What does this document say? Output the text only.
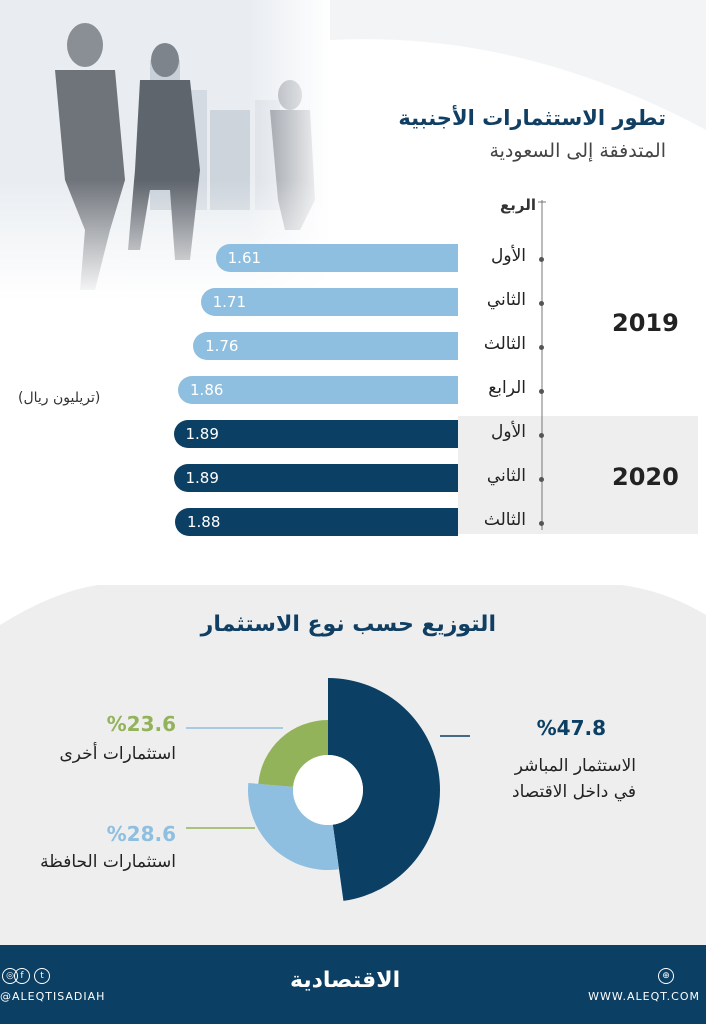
تطور الاستثمارات الأجنبية
المتدفقة إلى السعودية
الربع
1.61	الأول
1.71	الثاني
1.76	الثالث
1.86	الرابع
2019
1.89	الأول
1.89	الثاني
1.88	الثالث
2020
(تريليون ريال)
التوزيع حسب نوع الاستثمار
%47.8
الاستثمار المباشر
في داخل الاقتصاد
%28.6
استثمارات الحافظة
%23.6
استثمارات أخرى
الاقتصادية
WWW.ALEQT.COM
@ALEQTISADIAH
◎ f	t	⊕
